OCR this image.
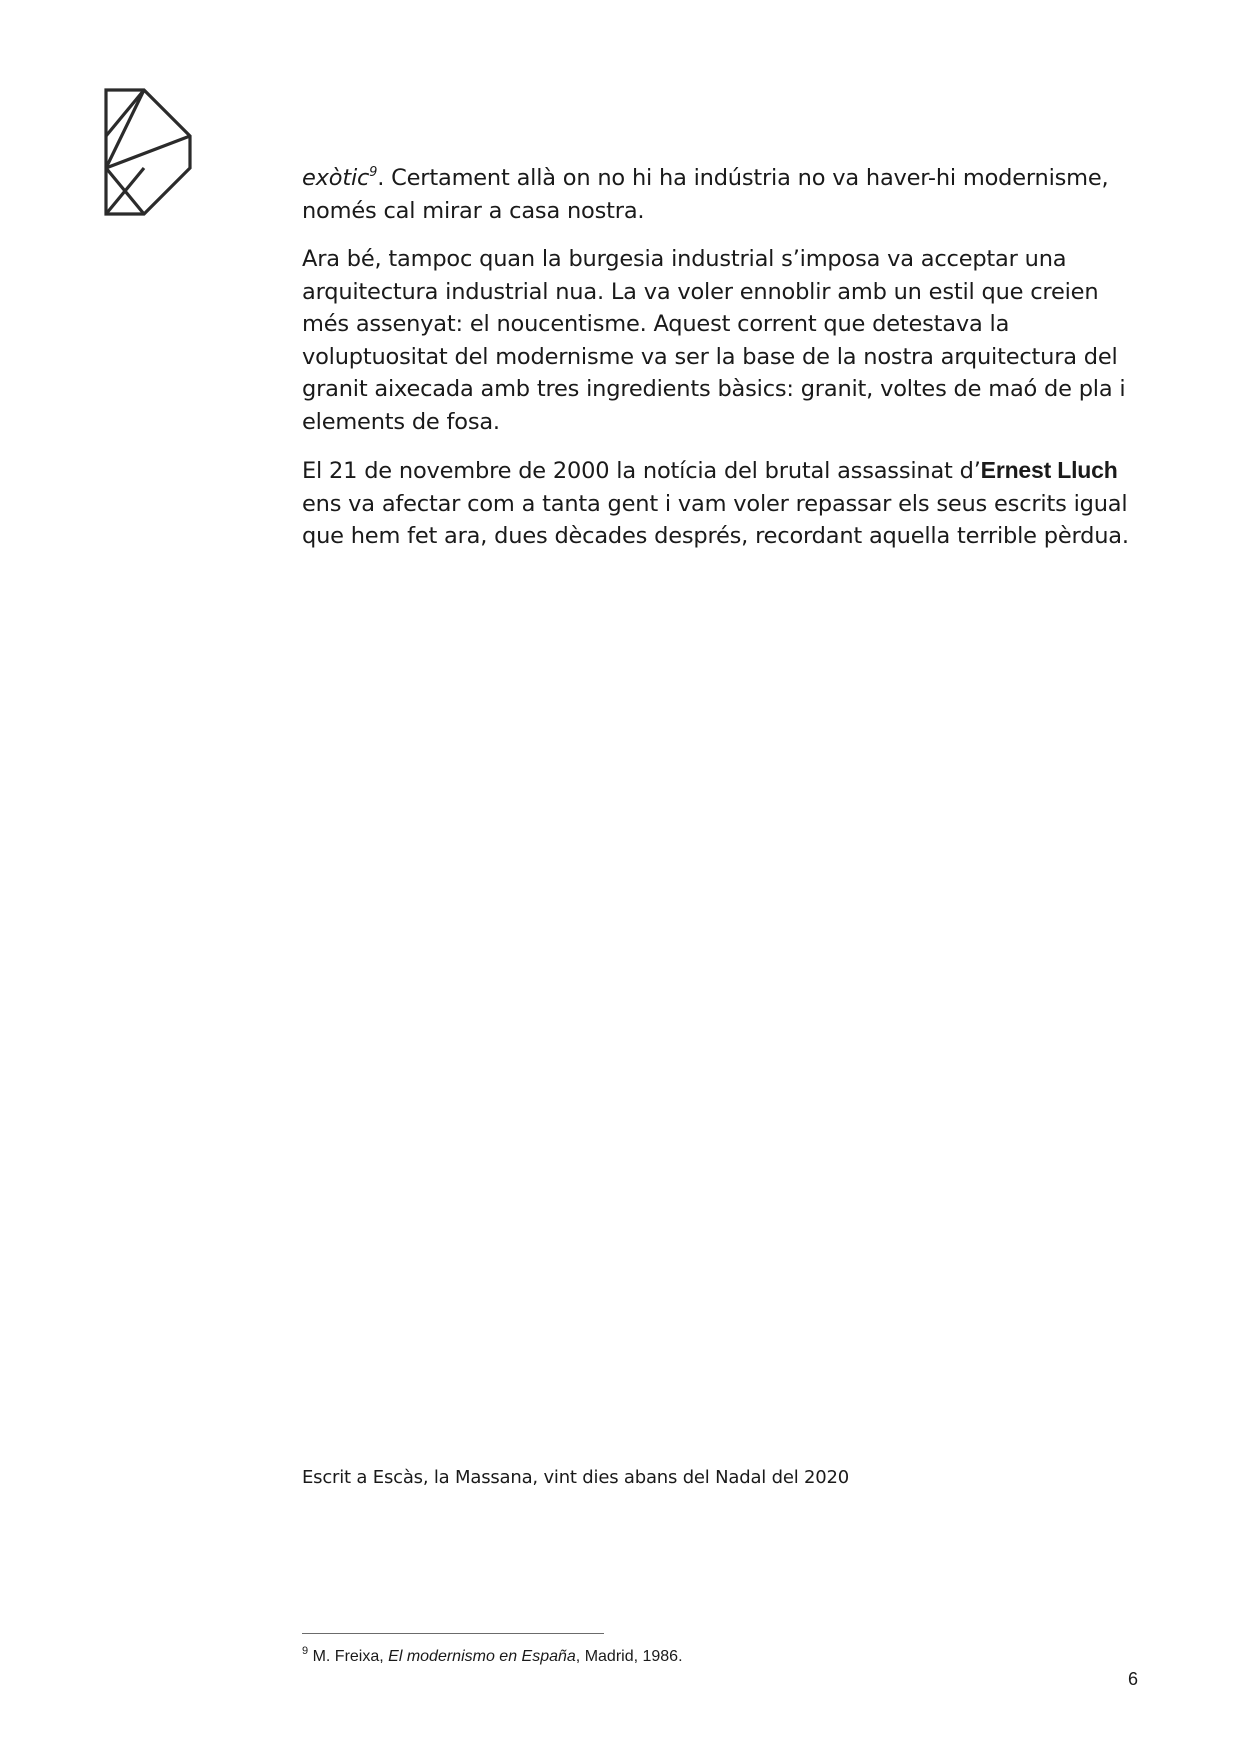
exòtic$^9$. Certament allà on no hi ha indústria no va haver-hi modernisme, només cal mirar a casa nostra.

Ara bé, tampoc quan la burgesia industrial s’imposa va acceptar una arquitectura industrial nua. La va voler ennoblir amb un estil que creien més assenyat: el noucentisme. Aquest corrent que detestava la voluptuositat del modernisme va ser la base de la nostra arquitectura del granit aixecada amb tres ingredients bàsics: granit, voltes de maó de pla i elements de fosa.

El 21 de novembre de 2000 la notícia del brutal assassinat d’Ernest Lluch ens va afectar com a tanta gent i vam voler repassar els seus escrits igual que hem fet ara, dues dècades després, recordant aquella terrible pèrdua.

Escrit a Escàs, la Massana, vint dies abans del Nadal del 2020
$^9$ M. Freixa, El modernismo en España, Madrid, 1986.
6
